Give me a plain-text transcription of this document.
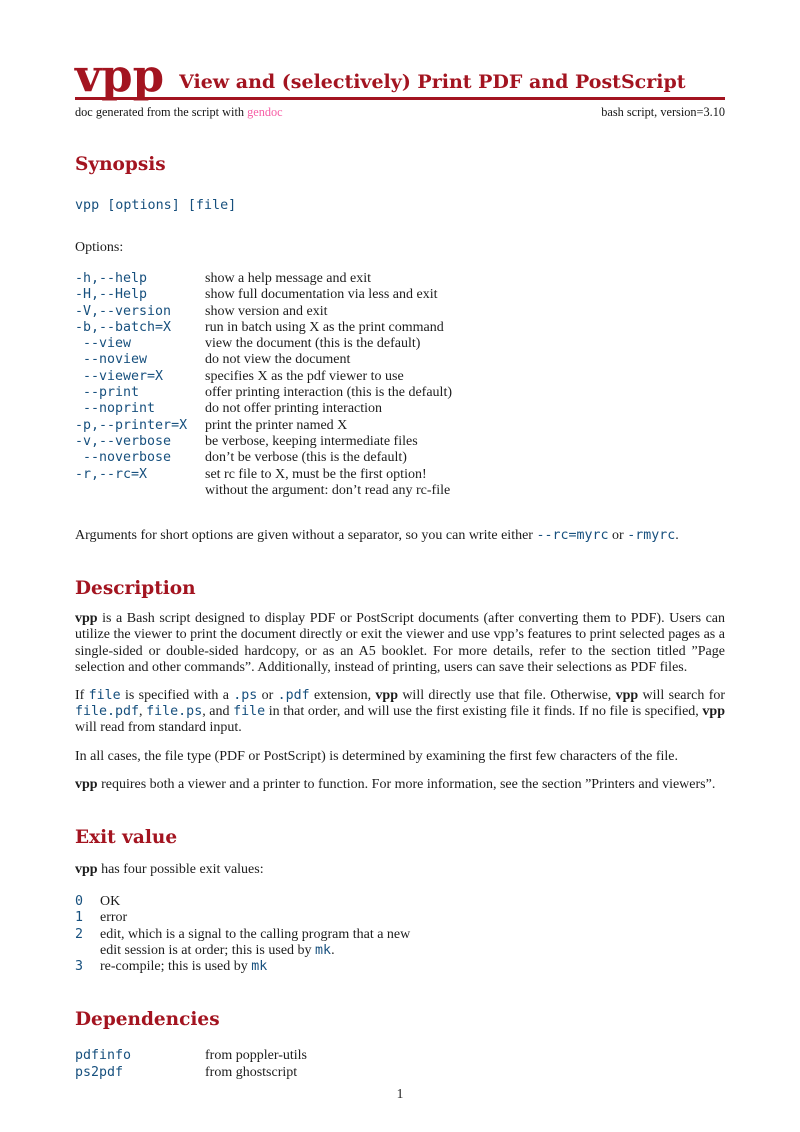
vpp View and (selectively) Print PDF and PostScript
doc generated from the script with gendoc	bash script, version=3.10
Synopsis
vpp [options] [file]
Options:
-h,--help	show a help message and exit
-H,--Help	show full documentation via less and exit
-V,--version	show version and exit
-b,--batch=X	run in batch using X as the print command
--view	view the document (this is the default)
--noview	do not view the document
--viewer=X	specifies X as the pdf viewer to use
--print	offer printing interaction (this is the default)
--noprint	do not offer printing interaction
-p,--printer=X	print the printer named X
-v,--verbose	be verbose, keeping intermediate files
--noverbose	don’t be verbose (this is the default)
-r,--rc=X	set rc file to X, must be the first option!
without the argument: don’t read any rc-file

Arguments for short options are given without a separator, so you can write either --rc=myrc or -rmyrc.

Description

vpp is a Bash script designed to display PDF or PostScript documents (after converting them to PDF). Users can utilize the viewer to print the document directly or exit the viewer and use vpp’s features to print selected pages as a single-sided or double-sided hardcopy, or as an A5 booklet. For more details, refer to the section titled ”Page selection and other commands”. Additionally, instead of printing, users can save their selections as PDF files.

If file is specified with a .ps or .pdf extension, vpp will directly use that file. Otherwise, vpp will search for file.pdf, file.ps, and file in that order, and will use the first existing file it finds. If no file is specified, vpp will read from standard input.

In all cases, the file type (PDF or PostScript) is determined by examining the first few characters of the file.

vpp requires both a viewer and a printer to function. For more information, see the section ”Printers and viewers”.

Exit value

vpp has four possible exit values:

0	OK
1	error
2	edit, which is a signal to the calling program that a new
edit session is at order; this is used by mk.
3	re-compile; this is used by mk
Dependencies
pdfinfo	from poppler-utils
ps2pdf	from ghostscript
1
